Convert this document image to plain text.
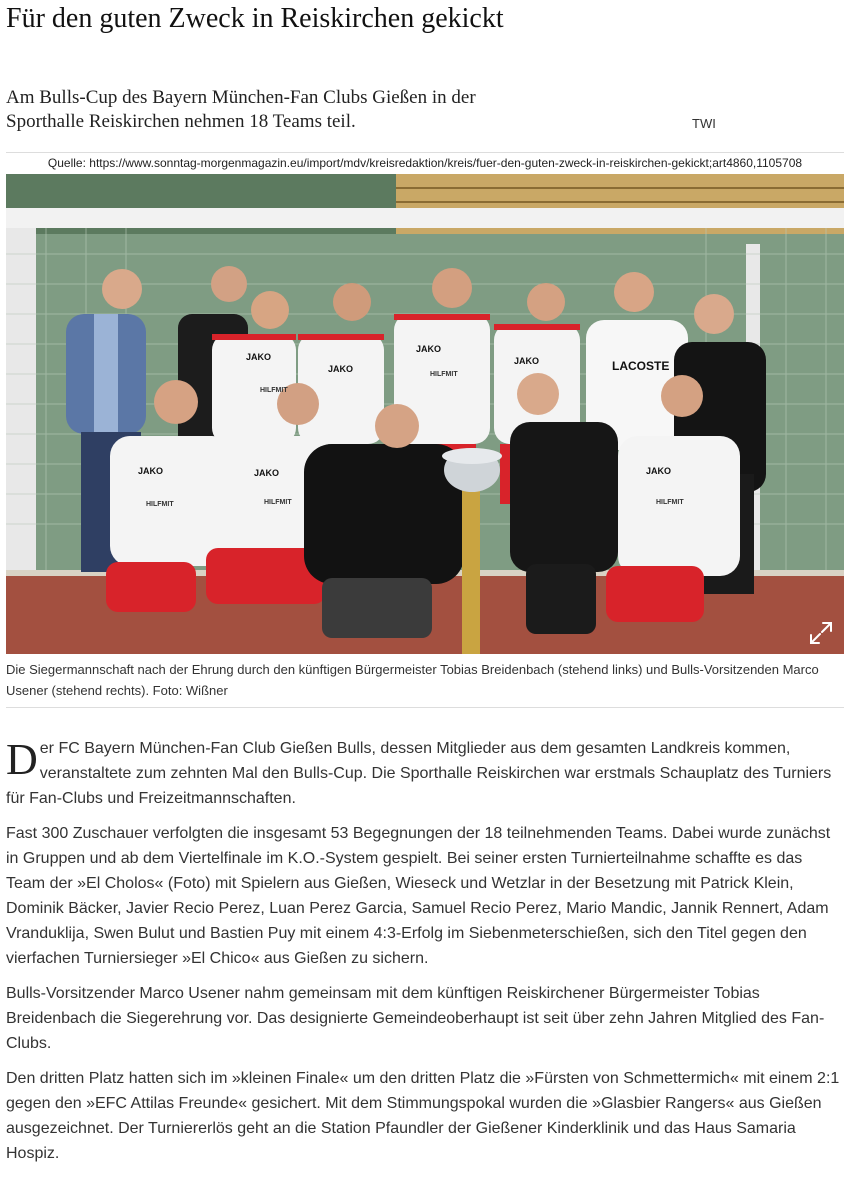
Für den guten Zweck in Reiskirchen gekickt

Am Bulls-Cup des Bayern München-Fan Clubs Gießen in der Sporthalle Reiskirchen nehmen 18 Teams teil.	TWI
Quelle: https://www.sonntag-morgenmagazin.eu/import/mdv/kreisredaktion/kreis/fuer-den-guten-zweck-in-reiskirchen-gekickt;art4860,1105708
JAKO	JAKO
JAKO
JAKO
JAKO
JAKO
JAKO
HILFMIT	HILFMIT
HILFMIT
HILFMIT
HILFMIT
LACOSTE
Die Siegermannschaft nach der Ehrung durch den künftigen Bürgermeister Tobias Breidenbach (stehend links) und Bulls-Vorsitzenden Marco Usener (stehend rechts). Foto: Wißner

Der FC Bayern München-Fan Club Gießen Bulls, dessen Mitglieder aus dem gesamten Landkreis kommen, veranstaltete zum zehnten Mal den Bulls-Cup. Die Sporthalle Reiskirchen war erstmals Schauplatz des Turniers für Fan-Clubs und Freizeitmannschaften.

Fast 300 Zuschauer verfolgten die insgesamt 53 Begegnungen der 18 teilnehmenden Teams. Dabei wurde zunächst in Gruppen und ab dem Viertelfinale im K.O.-System gespielt. Bei seiner ersten Turnierteilnahme schaffte es das Team der »El Cholos« (Foto) mit Spielern aus Gießen, Wieseck und Wetzlar in der Besetzung mit Patrick Klein, Dominik Bäcker, Javier Recio Perez, Luan Perez Garcia, Samuel Recio Perez, Mario Mandic, Jannik Rennert, Adam Vranduklija, Swen Bulut und Bastien Puy mit einem 4:3-Erfolg im Siebenmeterschießen, sich den Titel gegen den vierfachen Turniersieger »El Chico« aus Gießen zu sichern.

Bulls-Vorsitzender Marco Usener nahm gemeinsam mit dem künftigen Reiskirchener Bürgermeister Tobias Breidenbach die Siegerehrung vor. Das designierte Gemeindeoberhaupt ist seit über zehn Jahren Mitglied des Fan-Clubs.

Den dritten Platz hatten sich im »kleinen Finale« um den dritten Platz die »Fürsten von Schmettermich« mit einem 2:1 gegen den »EFC Attilas Freunde« gesichert. Mit dem Stimmungspokal wurden die »Glasbier Rangers« aus Gießen ausgezeichnet. Der Turniererlös geht an die Station Pfaundler der Gießener Kinderklinik und das Haus Samaria Hospiz.
